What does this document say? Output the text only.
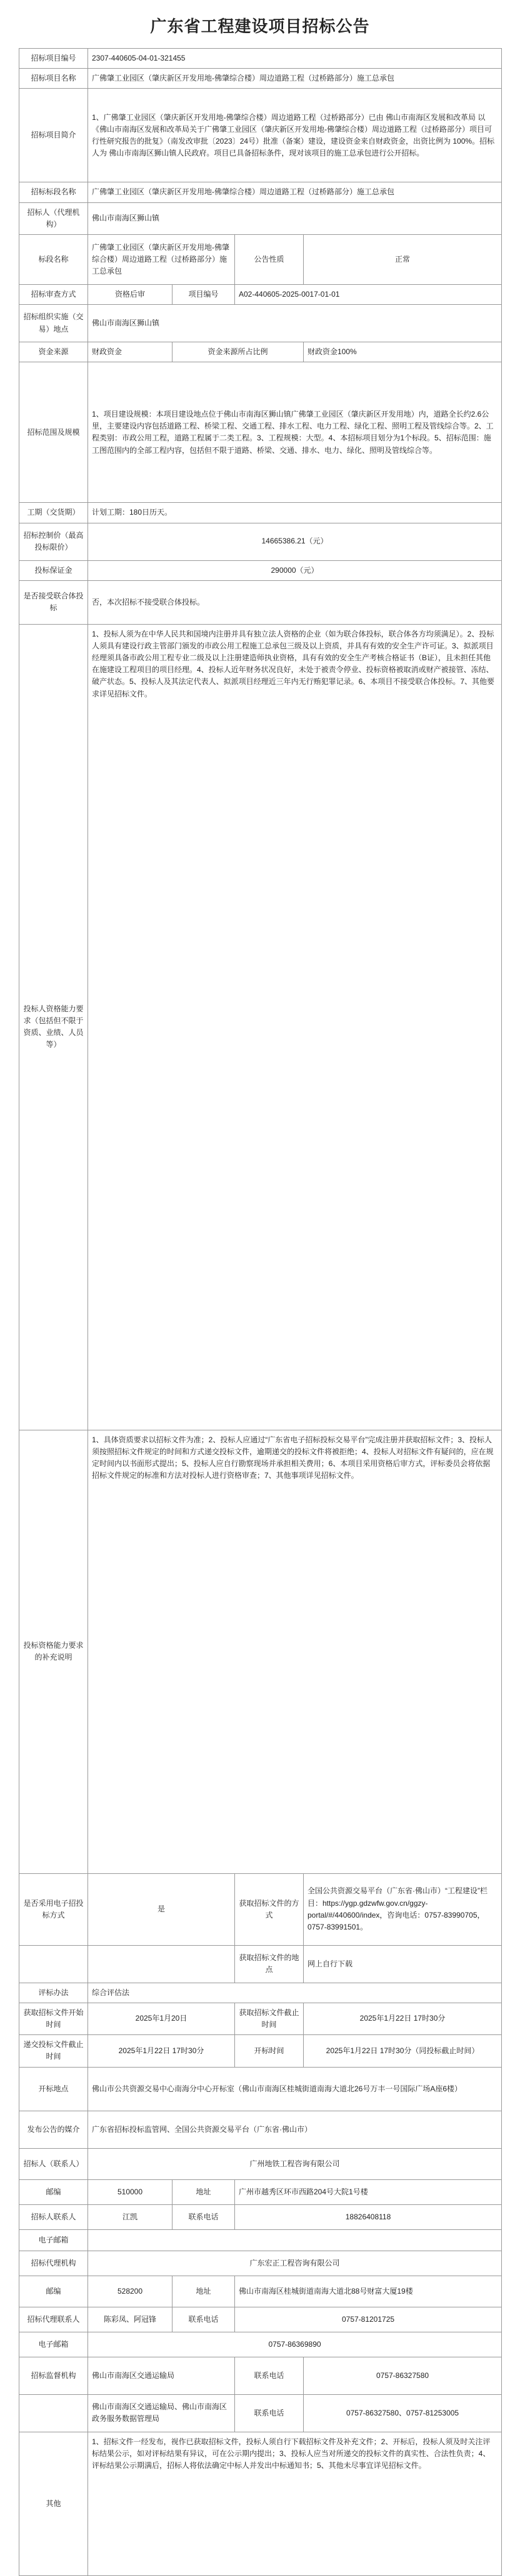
广东省工程建设项目招标公告
招标项目编号	2307-440605-04-01-321455			
招标项目名称	广佛肇工业园区（肇庆新区开发用地-佛肇综合楼）周边道路工程（过桥路部分）施工总承包			
招标项目简介	1、广佛肇工业园区（肇庆新区开发用地-佛肇综合楼）周边道路工程（过桥路部分）已由 佛山市南海区发展和改革局 以《佛山市南海区发展和改革局关于广佛肇工业园区（肇庆新区开发用地-佛肇综合楼）周边道路工程（过桥路部分）项目可行性研究报告的批复》（南发改审批〔2023〕24号）批准（备案）建设，建设资金来自财政资金，出资比例为 100%。招标人为 佛山市南海区狮山镇人民政府。项目已具备招标条件，现对该项目的施工总承包进行公开招标。			
招标标段名称	广佛肇工业园区（肇庆新区开发用地-佛肇综合楼）周边道路工程（过桥路部分）施工总承包			
招标人（代理机构）	佛山市南海区狮山镇			
标段名称	广佛肇工业园区（肇庆新区开发用地-佛肇综合楼）周边道路工程（过桥路部分）施工总承包		公告性质	正常
招标审查方式	资格后审	项目编号	A02-440605-2025-0017-01-01	
招标组织实施（交易）地点	佛山市南海区狮山镇			
资金来源	财政资金	资金来源所占比例		财政资金100%
招标范围及规模	1、项目建设规模：本项目建设地点位于佛山市南海区狮山镇广佛肇工业园区（肇庆新区开发用地）内，道路全长约2.6公里，主要建设内容包括道路工程、桥梁工程、交通工程、排水工程、电力工程、绿化工程、照明工程及管线综合等。2、工程类别：市政公用工程，道路工程属于二类工程。3、工程规模：大型。4、本招标项目划分为1个标段。5、招标范围：施工图范围内的全部工程内容，包括但不限于道路、桥梁、交通、排水、电力、绿化、照明及管线综合等。			
工期（交货期）	计划工期：180日历天。			
招标控制价（最高投标限价）	14665386.21（元）			
投标保证金	290000（元）			
是否接受联合体投标	否，本次招标不接受联合体投标。			
投标人资格能力要求（包括但不限于资质、业绩、人员等）	1、投标人须为在中华人民共和国境内注册并具有独立法人资格的企业（如为联合体投标，联合体各方均须满足）。2、投标人须具有建设行政主管部门颁发的市政公用工程施工总承包三级及以上资质，并具有有效的安全生产许可证。3、拟派项目经理须具备市政公用工程专业二级及以上注册建造师执业资格，具有有效的安全生产考核合格证书（B证），且未担任其他在施建设工程项目的项目经理。4、投标人近年财务状况良好，未处于被责令停业、投标资格被取消或财产被接管、冻结、破产状态。5、投标人及其法定代表人、拟派项目经理近三年内无行贿犯罪记录。6、本项目不接受联合体投标。7、其他要求详见招标文件。			
投标资格能力要求的补充说明	1、具体资质要求以招标文件为准；2、投标人应通过“广东省电子招标投标交易平台”完成注册并获取招标文件；3、投标人须按照招标文件规定的时间和方式递交投标文件，逾期递交的投标文件将被拒绝；4、投标人对招标文件有疑问的，应在规定时间内以书面形式提出；5、投标人应自行勘察现场并承担相关费用；6、本项目采用资格后审方式，评标委员会将依据招标文件规定的标准和方法对投标人进行资格审查；7、其他事项详见招标文件。			
是否采用电子招投标方式	是		获取招标文件的方式	全国公共资源交易平台（广东省·佛山市）“工程建设”栏目：https://ygp.gdzwfw.gov.cn/ggzy-portal/#/440600/index，咨询电话：0757-83990705，0757-83991501。
			获取招标文件的地点	网上自行下载
评标办法	综合评估法			
获取招标文件开始时间	2025年1月20日		获取招标文件截止时间	2025年1月22日 17时30分
递交投标文件截止时间	2025年1月22日 17时30分		开标时间	2025年1月22日 17时30分（同投标截止时间）
开标地点	佛山市公共资源交易中心南海分中心开标室（佛山市南海区桂城街道南海大道北26号万丰一号国际广场A座6楼）			
发布公告的媒介	广东省招标投标监管网、全国公共资源交易平台（广东省·佛山市）			
招标人（联系人）	广州地铁工程咨询有限公司			
邮编	510000	地址	广州市越秀区环市西路204号大院1号楼	
招标人联系人	江凯	联系电话	18826408118	
电子邮箱				
招标代理机构	广东宏正工程咨询有限公司			
邮编	528200	地址	佛山市南海区桂城街道南海大道北88号财富大厦19楼	
招标代理联系人	陈彩凤、阿冠锋	联系电话	0757-81201725	
电子邮箱	0757-86369890			
招标监督机构	佛山市南海区交通运输局		联系电话	0757-86327580
	佛山市南海区交通运输局、佛山市南海区政务服务数据管理局		联系电话	0757-86327580、0757-81253005
其他	1、招标文件一经发布，视作已获取招标文件，投标人须自行下载招标文件及补充文件；2、开标后，投标人须及时关注评标结果公示，如对评标结果有异议，可在公示期内提出；3、投标人应当对所递交的投标文件的真实性、合法性负责；4、评标结果公示期满后，招标人将依法确定中标人并发出中标通知书；5、其他未尽事宜详见招标文件。			
